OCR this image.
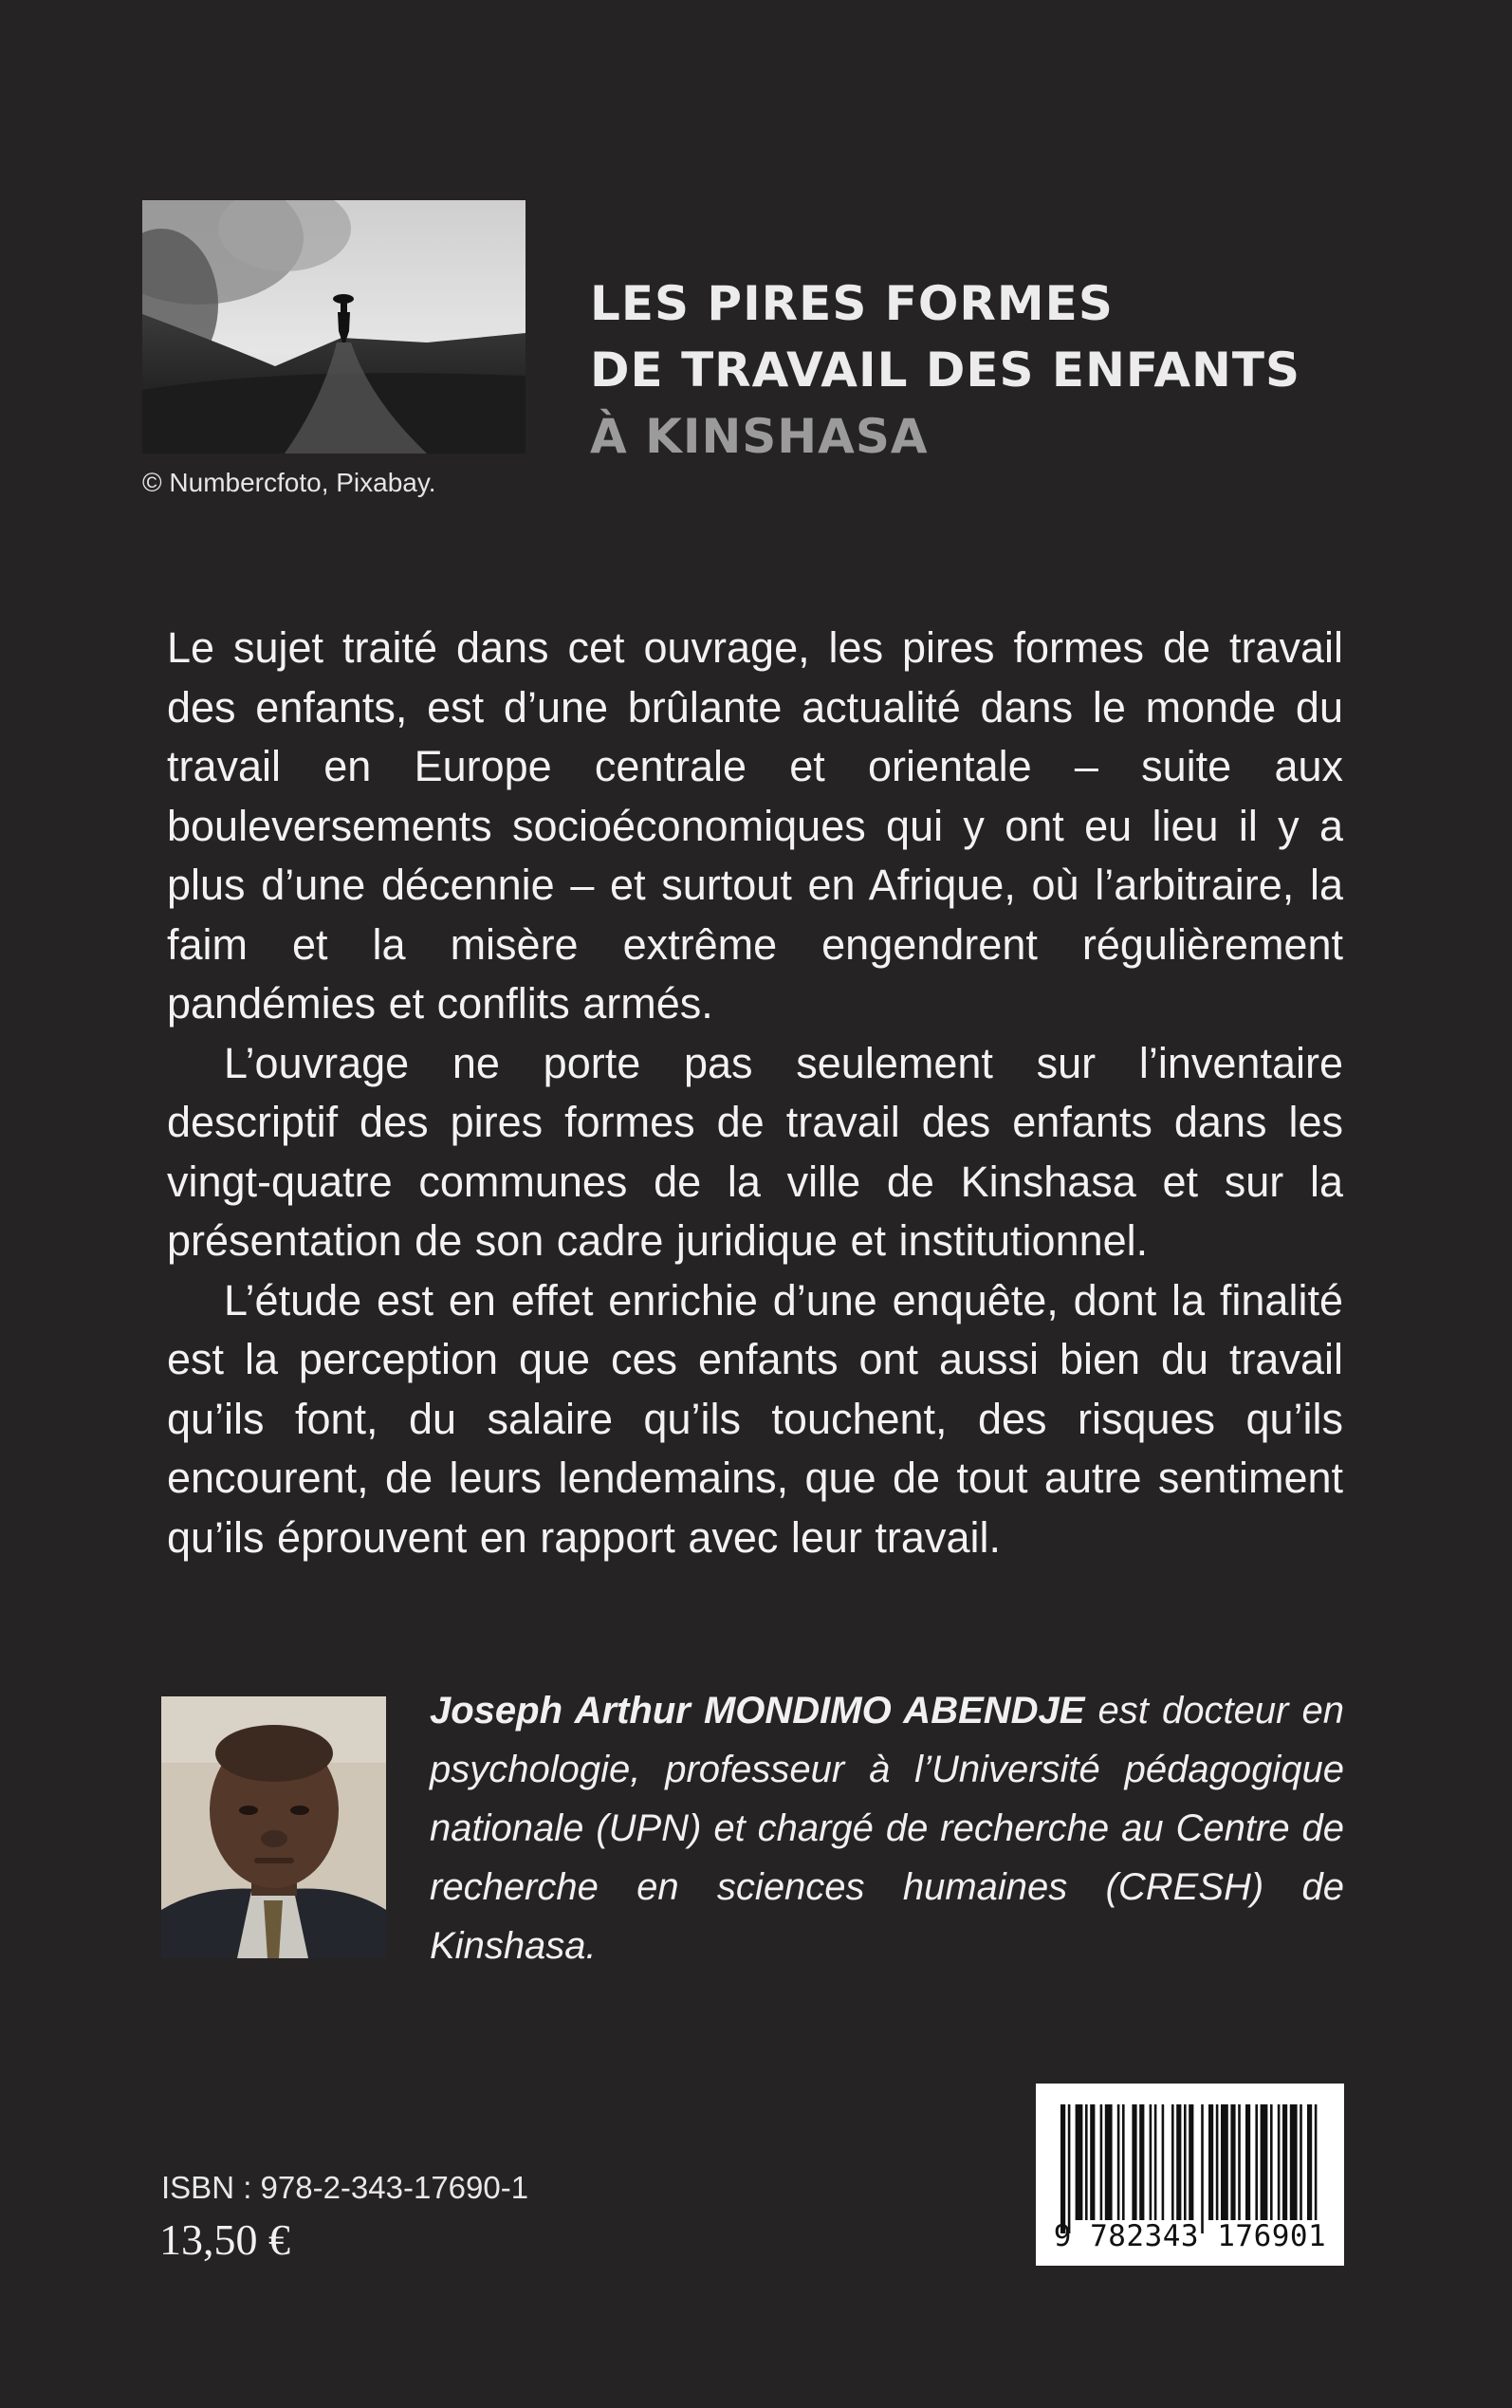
© Numbercfoto, Pixabay.
LES PIRES FORMES
DE TRAVAIL DES ENFANTS
À KINSHASA

Le sujet traité dans cet ouvrage, les pires formes de travail des enfants, est d’une brûlante actualité dans le monde du travail en Europe centrale et orientale – suite aux bouleversements socioéconomiques qui y ont eu lieu il y a plus d’une décennie – et surtout en Afrique, où l’arbitraire, la faim et la misère extrême engendrent régulièrement pandémies et conflits armés.

L’ouvrage ne porte pas seulement sur l’inventaire descriptif des pires formes de travail des enfants dans les vingt-quatre communes de la ville de Kinshasa et sur la présentation de son cadre juridique et institutionnel.

L’étude est en effet enrichie d’une enquête, dont la finalité est la perception que ces enfants ont aussi bien du travail qu’ils font, du salaire qu’ils touchent, des risques qu’ils encourent, de leurs lendemains, que de tout autre sentiment qu’ils éprouvent en rapport avec leur travail.

Joseph Arthur MONDIMO ABENDJE est docteur en psychologie, professeur à l’Université pédagogique nationale (UPN) et chargé de recherche au Centre de recherche en sciences humaines (CRESH) de Kinshasa.
ISBN : 978-2-343-17690-1
13,50 €	9 782343 176901
